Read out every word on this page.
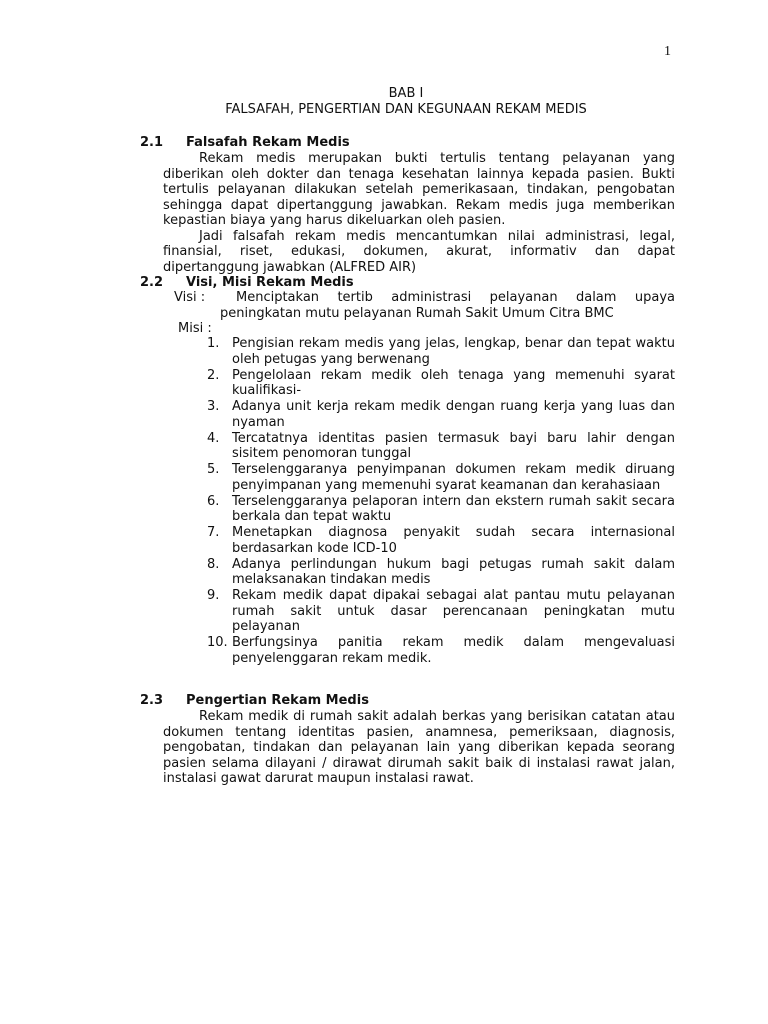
1
BAB I
FALSAFAH, PENGERTIAN DAN KEGUNAAN REKAM MEDIS
2.1 Falsafah Rekam Medis

Rekam medis merupakan bukti tertulis tentang pelayanan yang diberikan oleh dokter dan tenaga kesehatan lainnya kepada pasien. Bukti tertulis pelayanan dilakukan setelah pemerikasaan, tindakan, pengobatan sehingga dapat dipertanggung jawabkan. Rekam medis juga memberikan kepastian biaya yang harus dikeluarkan oleh pasien.

Jadi falsafah rekam medis mencantumkan nilai administrasi, legal, finansial, riset, edukasi, dokumen, akurat, informativ dan dapat dipertanggung jawabkan (ALFRED AIR)

2.2 Visi, Misi Rekam Medis
Visi :	Menciptakan tertib administrasi pelayanan dalam upaya
peningkatan mutu pelayanan Rumah Sakit Umum Citra BMC
Misi :
1. Pengisian rekam medis yang jelas, lengkap, benar dan tepat waktu oleh petugas yang berwenang
2. Pengelolaan rekam medik oleh tenaga yang memenuhi syarat kualifikasi-
3. Adanya unit kerja rekam medik dengan ruang kerja yang luas dan nyaman
4. Tercatatnya identitas pasien termasuk bayi baru lahir dengan sisitem penomoran tunggal
5. Terselenggaranya penyimpanan dokumen rekam medik diruang penyimpanan yang memenuhi syarat keamanan dan kerahasiaan
6. Terselenggaranya pelaporan intern dan ekstern rumah sakit secara berkala dan tepat waktu
7. Menetapkan diagnosa penyakit sudah secara internasional berdasarkan kode ICD-10
8. Adanya perlindungan hukum bagi petugas rumah sakit dalam melaksanakan tindakan medis
9. Rekam medik dapat dipakai sebagai alat pantau mutu pelayanan rumah sakit untuk dasar perencanaan peningkatan mutu pelayanan
10. Berfungsinya panitia rekam medik dalam mengevaluasi penyelenggaran rekam medik.
2.3 Pengertian Rekam Medis

Rekam medik di rumah sakit adalah berkas yang berisikan catatan atau dokumen tentang identitas pasien, anamnesa, pemeriksaan, diagnosis, pengobatan, tindakan dan pelayanan lain yang diberikan kepada seorang pasien selama dilayani / dirawat dirumah sakit baik di instalasi rawat jalan, instalasi gawat darurat maupun instalasi rawat.
